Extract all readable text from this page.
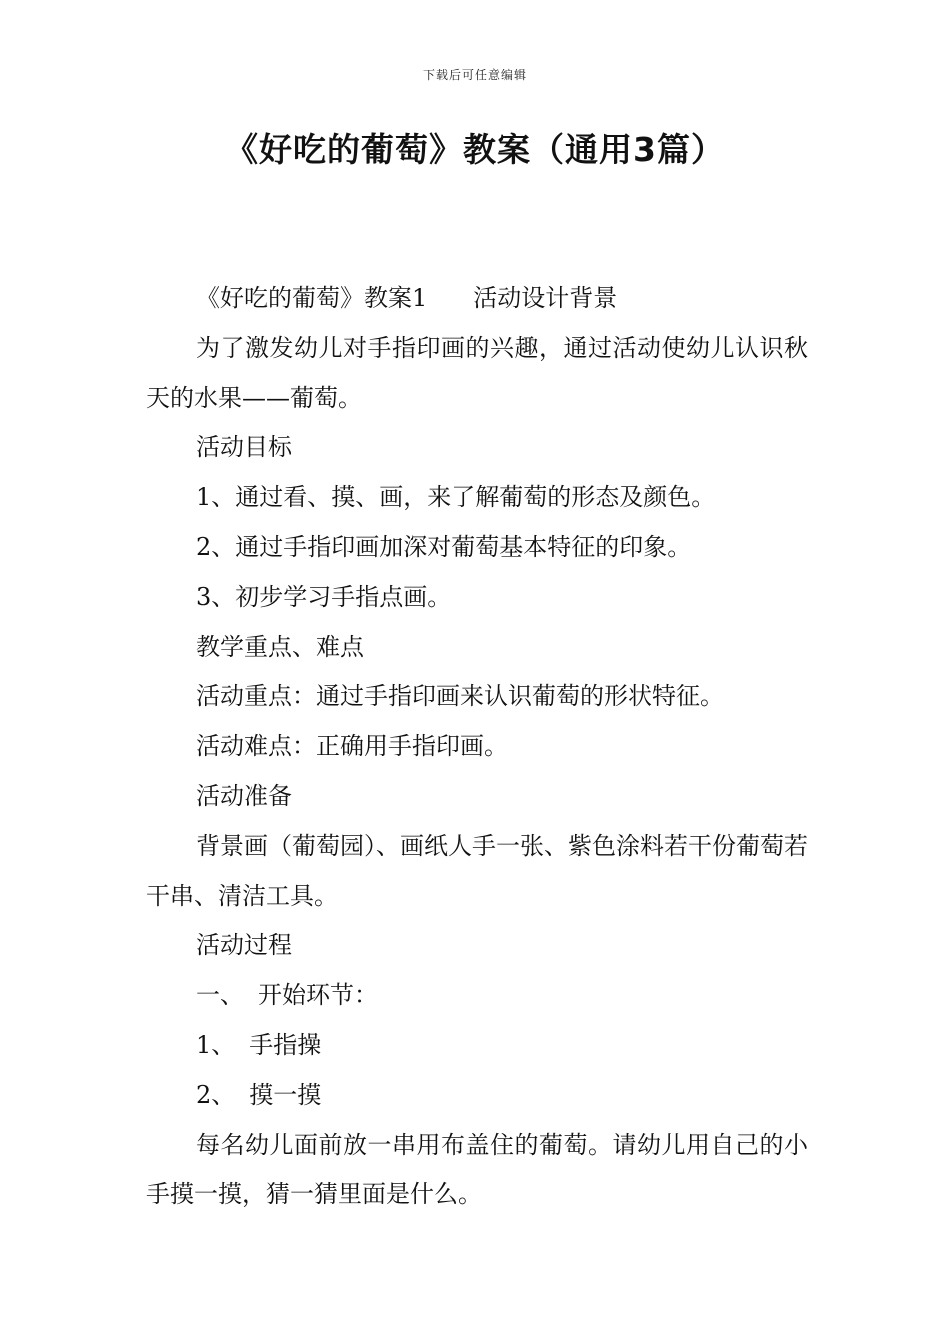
下载后可任意编辑
《好吃的葡萄》教案（通用3篇）

《好吃的葡萄》教案1 活动设计背景

为了激发幼儿对手指印画的兴趣，通过活动使幼儿认识秋天的水果——葡萄。

活动目标

1、通过看、摸、画，来了解葡萄的形态及颜色。

2、通过手指印画加深对葡萄基本特征的印象。

3、初步学习手指点画。

教学重点、难点

活动重点：通过手指印画来认识葡萄的形状特征。

活动难点：正确用手指印画。

活动准备

背景画（葡萄园）、画纸人手一张、紫色涂料若干份葡萄若干串、清洁工具。

活动过程

一、 开始环节：

1、 手指操

2、 摸一摸

每名幼儿面前放一串用布盖住的葡萄。请幼儿用自己的小手摸一摸，猜一猜里面是什么。
